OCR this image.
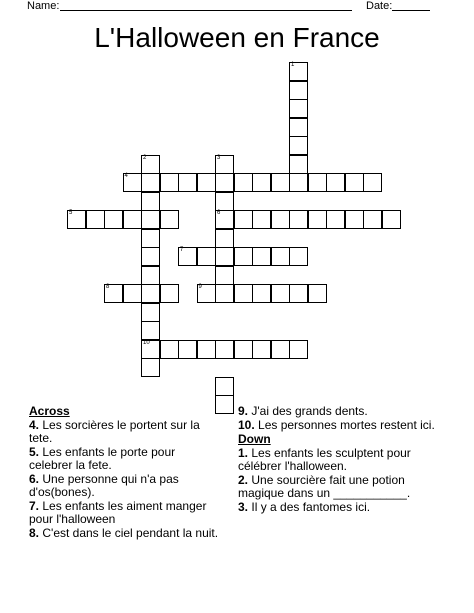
Name:	Date:
L'Halloween en France
1
2
10
3
6
4
5
7
8	9
Across
4. Les sorcières le portent sur la tete.
5. Les enfants le porte pour celebrer la fete.
6. Une personne qui n'a pas d'os(bones).
7. Les enfants les aiment manger pour l'halloween
8. C'est dans le ciel pendant la nuit.
9. J'ai des grands dents.
10. Les personnes mortes restent ici.
Down
1. Les enfants les sculptent pour célébrer l'halloween.
2. Une sourcière fait une potion magique dans un ___________.
3. Il y a des fantomes ici.
